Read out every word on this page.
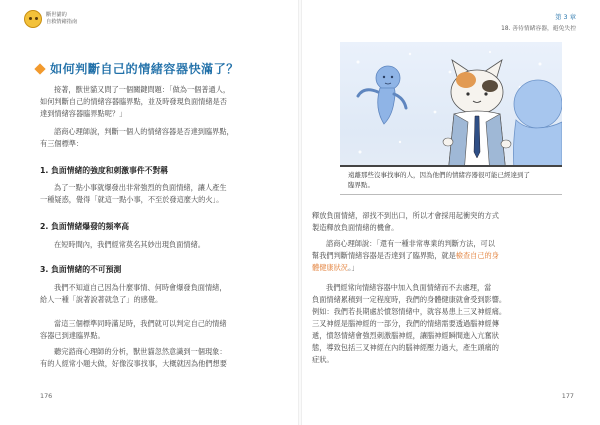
斷世貓的
自救情緒指南
如何判斷自己的情緒容器快滿了？
接著，獸世貓又問了一個關鍵問題：「做為一個普通人，
如何判斷自己的情緒容器臨界點，並及時發現負面情緒是否
達到情緒容器臨界點呢？」
諮商心理師說，判斷一個人的情緒容器是否達到臨界點，
有三個標準：
1. 負面情緒的強度和刺激事件不對稱
為了一點小事就爆發出非常強烈的負面情緒，讓人產生
一種疑惑，覺得「就這一點小事，不至於發這麼大的火」。
2. 負面情緒爆發的頻率高
在短時間內，我們經常莫名其妙出現負面情緒。
3. 負面情緒的不可預測
我們不知道自己因為什麼事情、何時會爆發負面情緒，
給人一種「說著說著就急了」的感覺。
當這三個標準同時滿足時，我們就可以判定自己的情緒
容器已到達臨界點。
聽完諮商心理師的分析，獸世貓忽然意識到一個現象：
有的人經常小題大做，好像沒事找事，大概就因為他們想要
176
第 3 章
18. 善待情緒容器，避免失控
遠離那些沒事找事的人，因為他們的情緒容器很可能已經達到了
臨界點。
釋放負面情緒，卻找不到出口，所以才會採用起衝突的方式
製造釋放負面情緒的機會。
諮商心理師說：「還有一種非常專業的判斷方法，可以
幫我們判斷情緒容器是否達到了臨界點，就是檢查自己的身
體健康狀況。」
我們經常向情緒容器中加入負面情緒而不去處理，當
負面情緒累積到一定程度時，我們的身體健康就會受到影響。
例如：我們若長期處於憤怒情緒中，就容易患上三叉神經痛。
三叉神經是腦神經的一部分，我們的情緒需要透過腦神經傳
遞，憤怒情緒會強烈刺激腦神經，讓腦神經瞬間進入亢奮狀
態，導致包括三叉神經在內的腦神經壓力過大，產生頭痛的
症狀。
177
